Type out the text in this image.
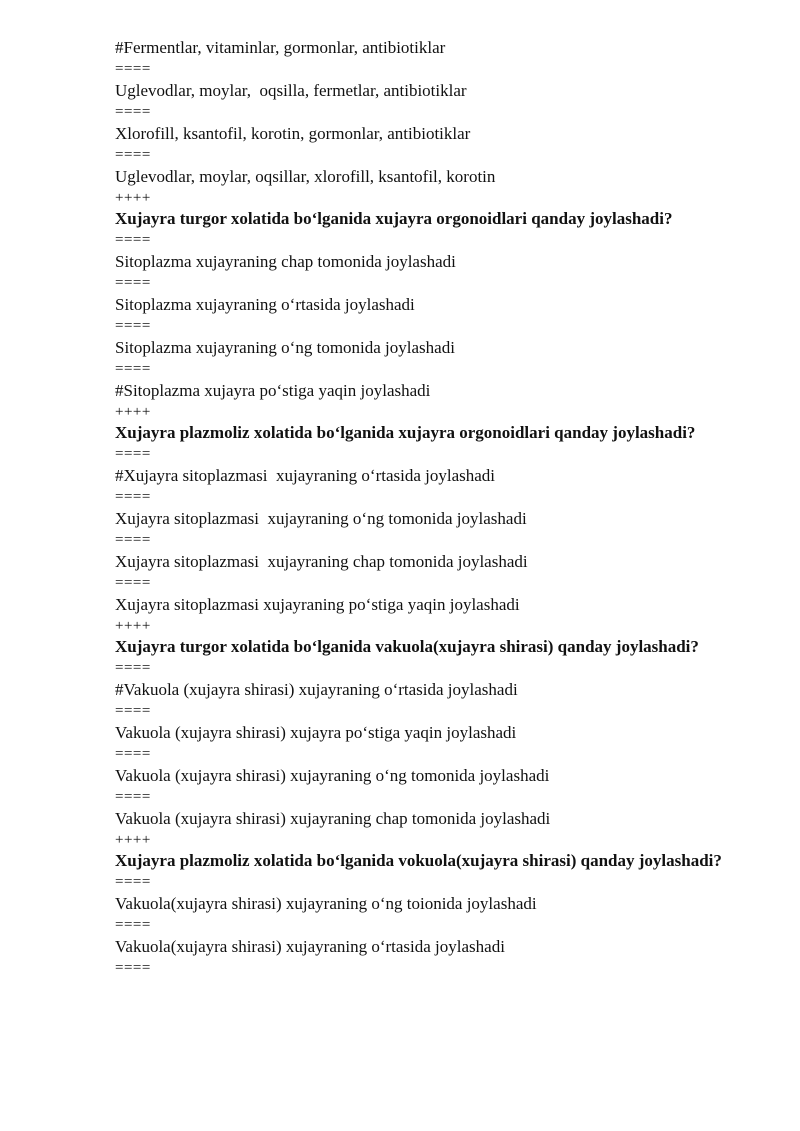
#Fermentlar, vitaminlar, gormonlar, antibiotiklar
====
Uglevodlar, moylar,  oqsilla, fermetlar, antibiotiklar
====
Xlorofill, ksantofil, korotin, gormonlar, antibiotiklar
====
Uglevodlar, moylar, oqsillar, xlorofill, ksantofil, korotin
++++
Xujayra turgor xolatida bo‘lganida xujayra orgonoidlari qanday joylashadi?
====
Sitoplazma xujayraning chap tomonida joylashadi
====
Sitoplazma xujayraning o‘rtasida joylashadi
====
Sitoplazma xujayraning o‘ng tomonida joylashadi
====
#Sitoplazma xujayra po‘stiga yaqin joylashadi
++++
Xujayra plazmoliz xolatida bo‘lganida xujayra orgonoidlari qanday joylashadi?
====
#Xujayra sitoplazmasi  xujayraning o‘rtasida joylashadi
====
Xujayra sitoplazmasi  xujayraning o‘ng tomonida joylashadi
====
Xujayra sitoplazmasi  xujayraning chap tomonida joylashadi
====
Xujayra sitoplazmasi xujayraning po‘stiga yaqin joylashadi
++++
Xujayra turgor xolatida bo‘lganida vakuola(xujayra shirasi) qanday joylashadi?
====
#Vakuola (xujayra shirasi) xujayraning o‘rtasida joylashadi
====
Vakuola (xujayra shirasi) xujayra po‘stiga yaqin joylashadi
====
Vakuola (xujayra shirasi) xujayraning o‘ng tomonida joylashadi
====
Vakuola (xujayra shirasi) xujayraning chap tomonida joylashadi
++++
Xujayra plazmoliz xolatida bo‘lganida vokuola(xujayra shirasi) qanday joylashadi?
====
Vakuola(xujayra shirasi) xujayraning o‘ng toionida joylashadi
====
Vakuola(xujayra shirasi) xujayraning o‘rtasida joylashadi
====
